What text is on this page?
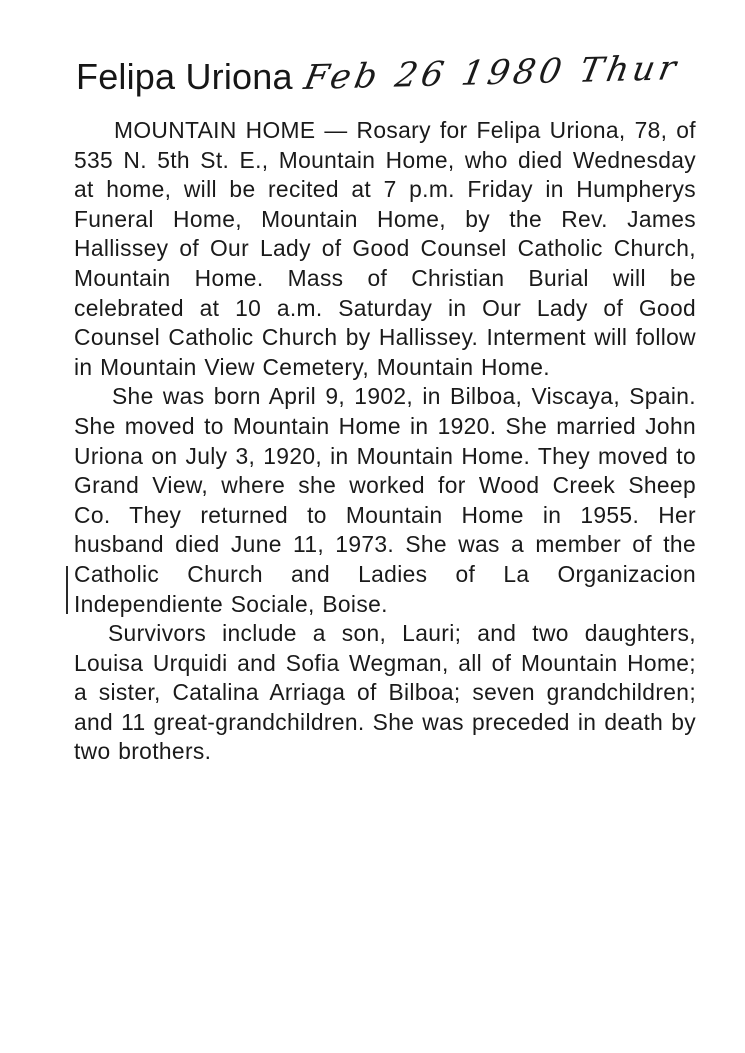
Felipa Uriona Feb 26 1980 Thur

MOUNTAIN HOME — Rosary for Felipa Uriona, 78, of 535 N. 5th St. E., Mountain Home, who died Wednesday at home, will be recited at 7 p.m. Friday in Humpherys Funeral Home, Mountain Home, by the Rev. James Hallissey of Our Lady of Good Counsel Catholic Church, Mountain Home. Mass of Christian Burial will be celebrated at 10 a.m. Saturday in Our Lady of Good Counsel Catholic Church by Hallissey. Interment will follow in Mountain View Cemetery, Mountain Home.

She was born April 9, 1902, in Bilboa, Viscaya, Spain. She moved to Mountain Home in 1920. She married John Uriona on July 3, 1920, in Mountain Home. They moved to Grand View, where she worked for Wood Creek Sheep Co. They returned to Mountain Home in 1955. Her husband died June 11, 1973. She was a member of the Catholic Church and Ladies of La Organizacion Independiente Sociale, Boise.

Survivors include a son, Lauri; and two daughters, Louisa Urquidi and Sofia Wegman, all of Mountain Home; a sister, Catalina Arriaga of Bilboa; seven grandchildren; and 11 great-grandchildren. She was preceded in death by two brothers.
